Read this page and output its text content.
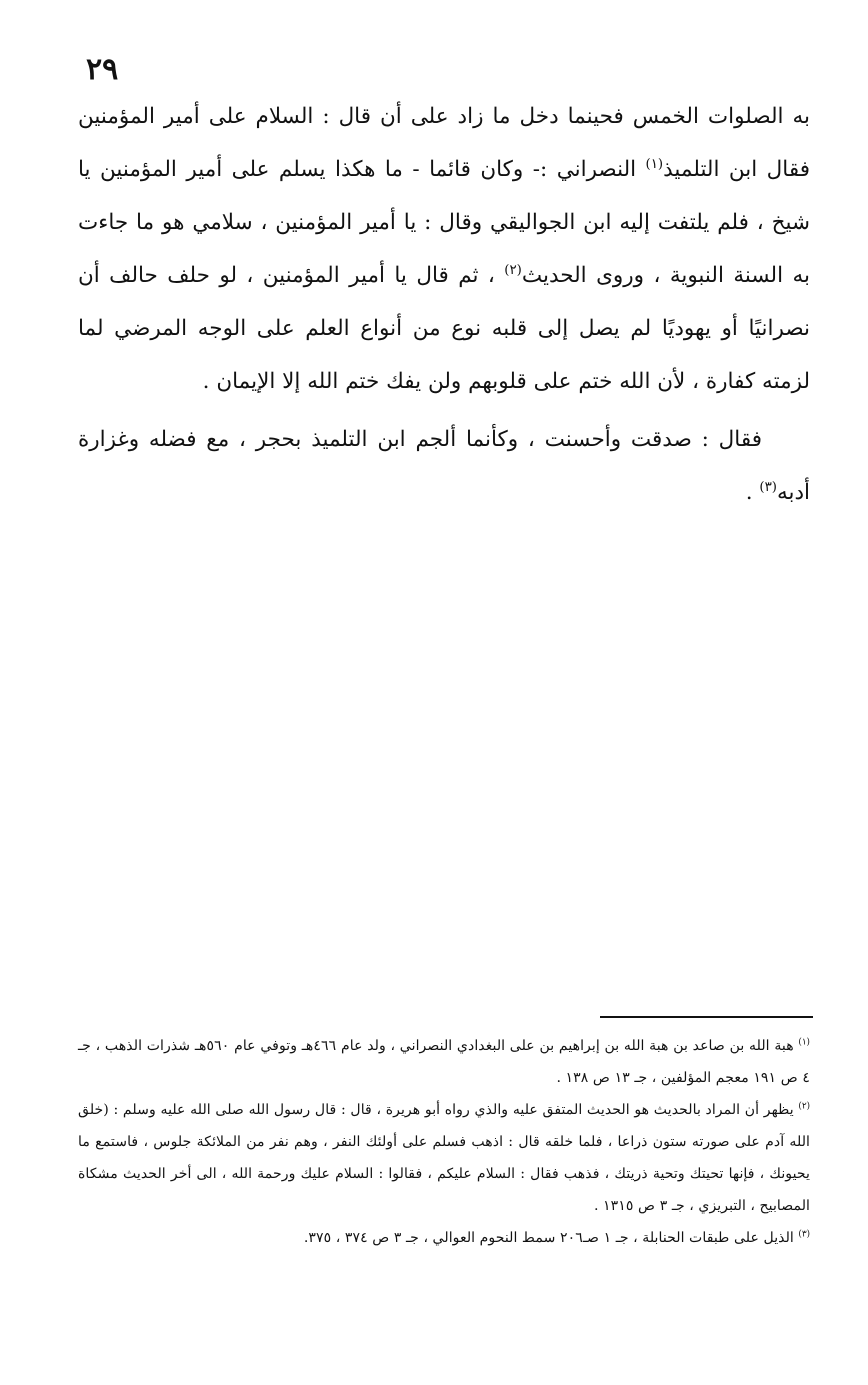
٢٩

به الصلوات الخمس فحينما دخل ما زاد على أن قال : السلام على أمير المؤمنين فقال ابن التلميذ$^{(١)}$ النصراني :- وكان قائما - ما هكذا يسلم على أمير المؤمنين يا شيخ ، فلم يلتفت إليه ابن الجواليقي وقال : يا أمير المؤمنين ، سلامي هو ما جاءت به السنة النبوية ، وروى الحديث$^{(٢)}$ ، ثم قال يا أمير المؤمنين ، لو حلف حالف أن نصرانيًا أو يهوديًا لم يصل إلى قلبه نوع من أنواع العلم على الوجه المرضي لما لزمته كفارة ، لأن الله ختم على قلوبهم ولن يفك ختم الله إلا الإيمان .

فقال : صدقت وأحسنت ، وكأنما ألجم ابن التلميذ بحجر ، مع فضله وغزارة أدبه$^{(٣)}$ .

$^{(١)}$ هبة الله بن صاعد بن هبة الله بن إبراهيم بن على البغدادي النصراني ، ولد عام ٤٦٦هـ وتوفي عام ٥٦٠هـ شذرات الذهب ، جـ ٤ ص ١٩١ معجم المؤلفين ، جـ ١٣ ص ١٣٨ .

$^{(٢)}$ يظهر أن المراد بالحديث هو الحديث المتفق عليه والذي رواه أبو هريرة ، قال : قال رسول الله صلى الله عليه وسلم : (خلق الله آدم على صورته ستون ذراعا ، فلما خلقه قال : اذهب فسلم على أولئك النفر ، وهم نفر من الملائكة جلوس ، فاستمع ما يحيونك ، فإنها تحيتك وتحية ذريتك ، فذهب فقال : السلام عليكم ، فقالوا : السلام عليك ورحمة الله ، الى أخر الحديث مشكاة المصابيح ، التبريزي ، جـ ٣ ص ١٣١٥ .

$^{(٣)}$ الذيل على طبقات الحنابلة ، جـ ١ صـ٢٠٦ سمط النحوم العوالي ، جـ ٣ ص ٣٧٤ ، ٣٧٥.
